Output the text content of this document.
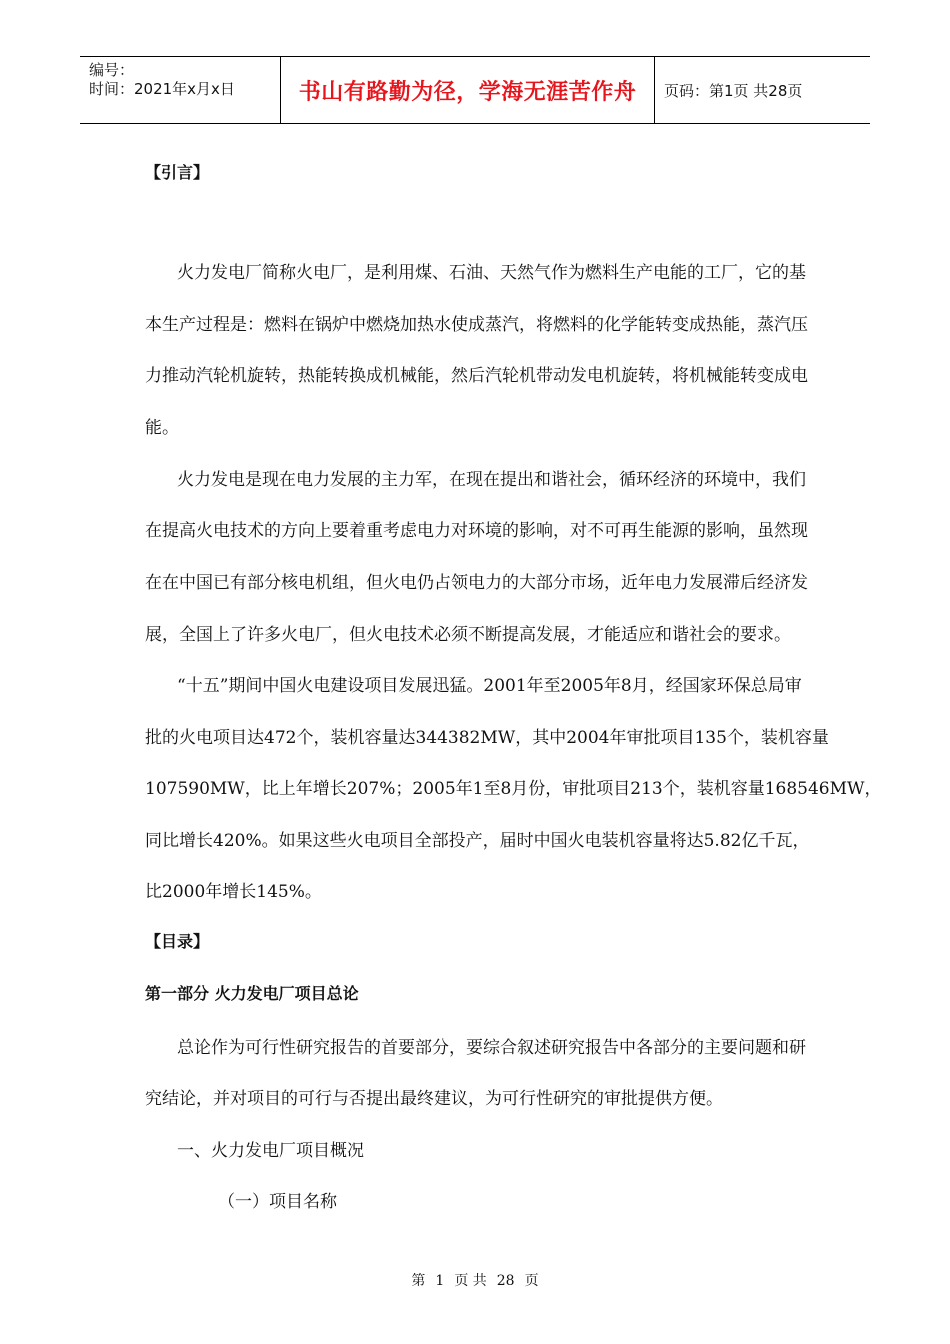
编号：
时间：2021年x月x日	书山有路勤为径，学海无涯苦作舟	页码：第1页 共28页
【引言】
火力发电厂简称火电厂，是利用煤、石油、天然气作为燃料生产电能的工厂，它的基
本生产过程是：燃料在锅炉中燃烧加热水使成蒸汽，将燃料的化学能转变成热能，蒸汽压
力推动汽轮机旋转，热能转换成机械能，然后汽轮机带动发电机旋转，将机械能转变成电
能。
火力发电是现在电力发展的主力军，在现在提出和谐社会，循环经济的环境中，我们
在提高火电技术的方向上要着重考虑电力对环境的影响，对不可再生能源的影响，虽然现
在在中国已有部分核电机组，但火电仍占领电力的大部分市场，近年电力发展滞后经济发
展，全国上了许多火电厂，但火电技术必须不断提高发展，才能适应和谐社会的要求。
“十五”期间中国火电建设项目发展迅猛。2001年至2005年8月，经国家环保总局审
批的火电项目达472个，装机容量达344382MW，其中2004年审批项目135个，装机容量
107590MW，比上年增长207%；2005年1至8月份，审批项目213个，装机容量168546MW，
同比增长420%。如果这些火电项目全部投产，届时中国火电装机容量将达5.82亿千瓦，
比2000年增长145%。
【目录】
第一部分 火力发电厂项目总论
总论作为可行性研究报告的首要部分，要综合叙述研究报告中各部分的主要问题和研
究结论，并对项目的可行与否提出最终建议，为可行性研究的审批提供方便。
一、火力发电厂项目概况
（一）项目名称
第 1 页 共 28 页
